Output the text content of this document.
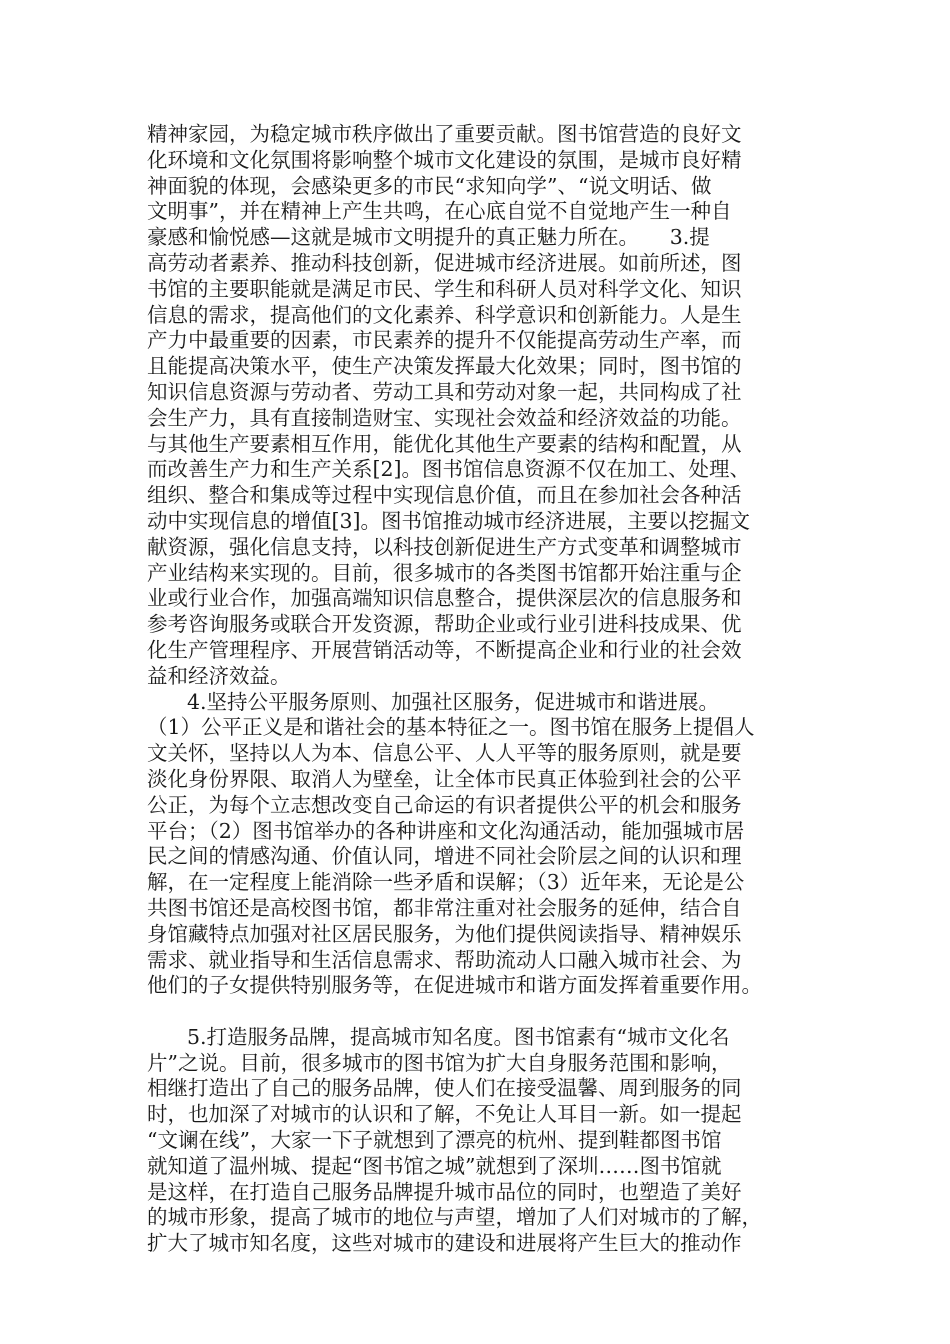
精神家园，为稳定城市秩序做出了重要贡献。图书馆营造的良好文
化环境和文化氛围将影响整个城市文化建设的氛围，是城市良好精
神面貌的体现，会感染更多的市民“求知向学”、“说文明话、做
文明事”，并在精神上产生共鸣，在心底自觉不自觉地产生一种自
豪感和愉悦感—这就是城市文明提升的真正魅力所在。　　3.提
高劳动者素养、推动科技创新，促进城市经济进展。如前所述，图
书馆的主要职能就是满足市民、学生和科研人员对科学文化、知识
信息的需求，提高他们的文化素养、科学意识和创新能力。人是生
产力中最重要的因素，市民素养的提升不仅能提高劳动生产率，而
且能提高决策水平，使生产决策发挥最大化效果；同时，图书馆的
知识信息资源与劳动者、劳动工具和劳动对象一起，共同构成了社
会生产力，具有直接制造财宝、实现社会效益和经济效益的功能。
与其他生产要素相互作用，能优化其他生产要素的结构和配置，从
而改善生产力和生产关系[2]。图书馆信息资源不仅在加工、处理、
组织、整合和集成等过程中实现信息价值，而且在参加社会各种活
动中实现信息的增值[3]。图书馆推动城市经济进展，主要以挖掘文
献资源，强化信息支持，以科技创新促进生产方式变革和调整城市
产业结构来实现的。目前，很多城市的各类图书馆都开始注重与企
业或行业合作，加强高端知识信息整合，提供深层次的信息服务和
参考咨询服务或联合开发资源，帮助企业或行业引进科技成果、优
化生产管理程序、开展营销活动等，不断提高企业和行业的社会效
益和经济效益。
4.坚持公平服务原则、加强社区服务，促进城市和谐进展。
（1）公平正义是和谐社会的基本特征之一。图书馆在服务上提倡人
文关怀，坚持以人为本、信息公平、人人平等的服务原则，就是要
淡化身份界限、取消人为壁垒，让全体市民真正体验到社会的公平
公正，为每个立志想改变自己命运的有识者提供公平的机会和服务
平台；（2）图书馆举办的各种讲座和文化沟通活动，能加强城市居
民之间的情感沟通、价值认同，增进不同社会阶层之间的认识和理
解，在一定程度上能消除一些矛盾和误解；（3）近年来，无论是公
共图书馆还是高校图书馆，都非常注重对社会服务的延伸，结合自
身馆藏特点加强对社区居民服务，为他们提供阅读指导、精神娱乐
需求、就业指导和生活信息需求、帮助流动人口融入城市社会、为
他们的子女提供特别服务等，在促进城市和谐方面发挥着重要作用。
5.打造服务品牌，提高城市知名度。图书馆素有“城市文化名
片”之说。目前，很多城市的图书馆为扩大自身服务范围和影响，
相继打造出了自己的服务品牌，使人们在接受温馨、周到服务的同
时，也加深了对城市的认识和了解，不免让人耳目一新。如一提起
“文谰在线”，大家一下子就想到了漂亮的杭州、提到鞋都图书馆
就知道了温州城、提起“图书馆之城”就想到了深圳……图书馆就
是这样，在打造自己服务品牌提升城市品位的同时，也塑造了美好
的城市形象，提高了城市的地位与声望，增加了人们对城市的了解，
扩大了城市知名度，这些对城市的建设和进展将产生巨大的推动作
